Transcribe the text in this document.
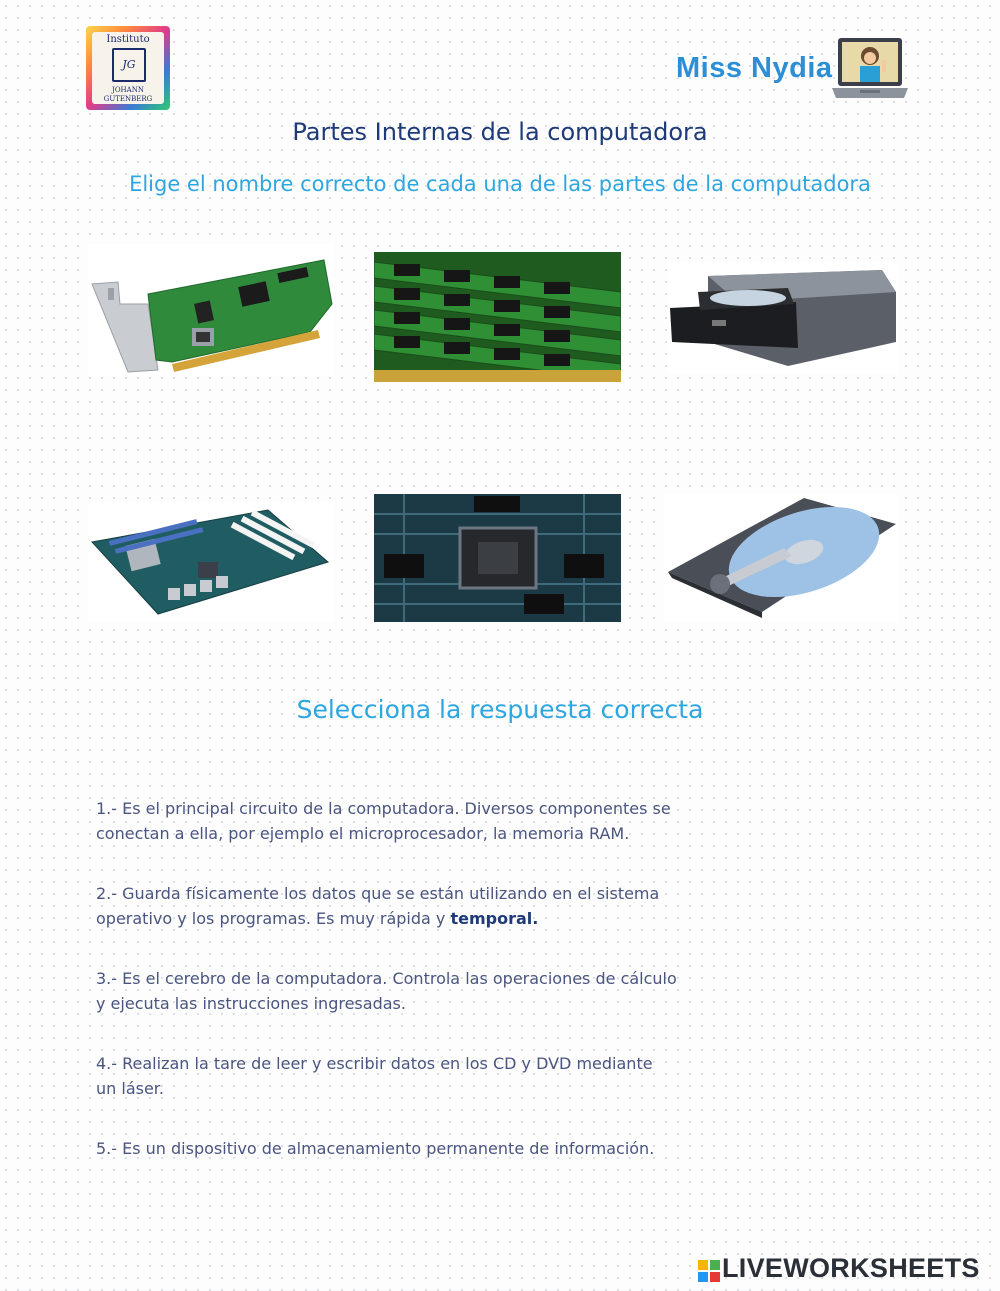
Instituto
JG
JOHANN
GUTENBERG
Miss Nydia
Partes Internas de la computadora
Elige el nombre correcto de cada una de las partes de la computadora
Selecciona la respuesta correcta
1.- Es el principal circuito de la computadora. Diversos componentes se
conectan a ella, por ejemplo el microprocesador, la memoria RAM.
2.- Guarda físicamente los datos que se están utilizando en el sistema
operativo y los programas. Es muy rápida y temporal.
3.- Es el cerebro de la computadora. Controla las operaciones de cálculo
y ejecuta las instrucciones ingresadas.
4.- Realizan la tare de leer y escribir datos en los CD y DVD mediante
un láser.
5.- Es un dispositivo de almacenamiento permanente de información.
LIVEWORKSHEETS
